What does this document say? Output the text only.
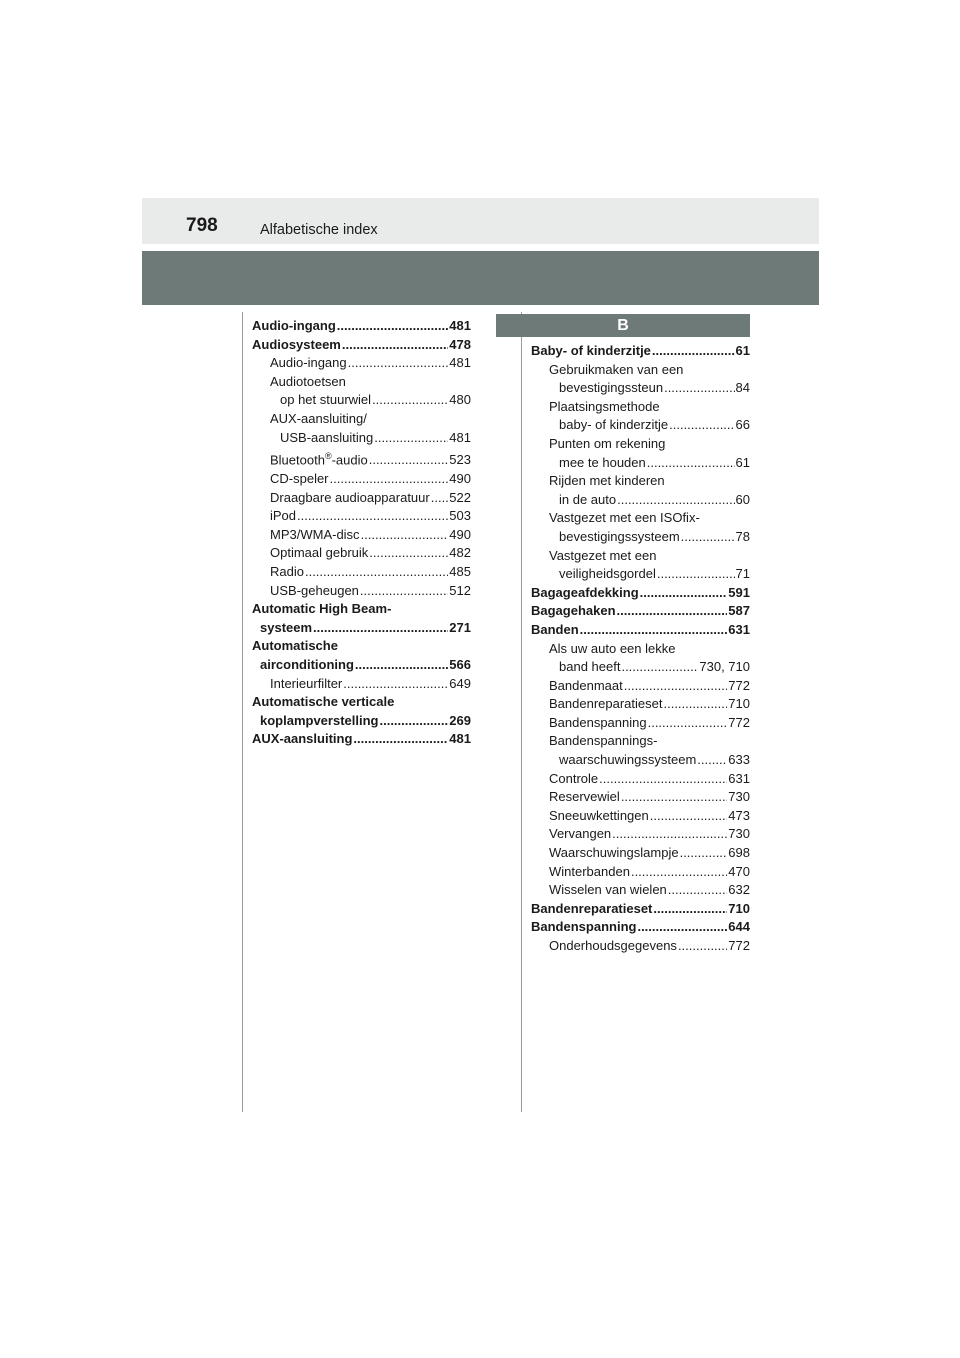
798	Alfabetische index
B
Audio-ingang .....	481
Audiosysteem .....	478
Audio-ingang .....	481
Audiotoetsen
op het stuurwiel .....	480
AUX-aansluiting/
USB-aansluiting .....	481
Bluetooth®-audio .....	523
CD-speler .....	490
Draagbare audioapparatuur ..... 522
iPod .....	503
MP3/WMA-disc .....	490
Optimaal gebruik .....	482
Radio .....	485
USB-geheugen .....	512
Automatic High Beam-
systeem .....	271
Automatische
airconditioning .....	566
Interieurfilter .....	649
Automatische verticale
koplampverstelling .....	269
AUX-aansluiting .....	481
Baby- of kinderzitje .....	61
Gebruikmaken van een
bevestigingssteun .....	84
Plaatsingsmethode
baby- of kinderzitje .....	66
Punten om rekening
mee te houden .....	61
Rijden met kinderen
in de auto .....	60
Vastgezet met een ISOfix-
bevestigingssysteem .....	78
Vastgezet met een
veiligheidsgordel .....	71
Bagageafdekking .....	591
Bagagehaken .....	587
Banden .....	631
Als uw auto een lekke
band heeft .....	730, 710
Bandenmaat .....	772
Bandenreparatieset .....	710
Bandenspanning .....	772
Bandenspannings-
waarschuwingssysteem ..... 633
Controle .....	631
Reservewiel .....	730
Sneeuwkettingen .....	473
Vervangen .....	730
Waarschuwingslampje .....	698
Winterbanden .....	470
Wisselen van wielen .....	632
Bandenreparatieset .....	710
Bandenspanning .....	644
Onderhoudsgegevens .....	772
